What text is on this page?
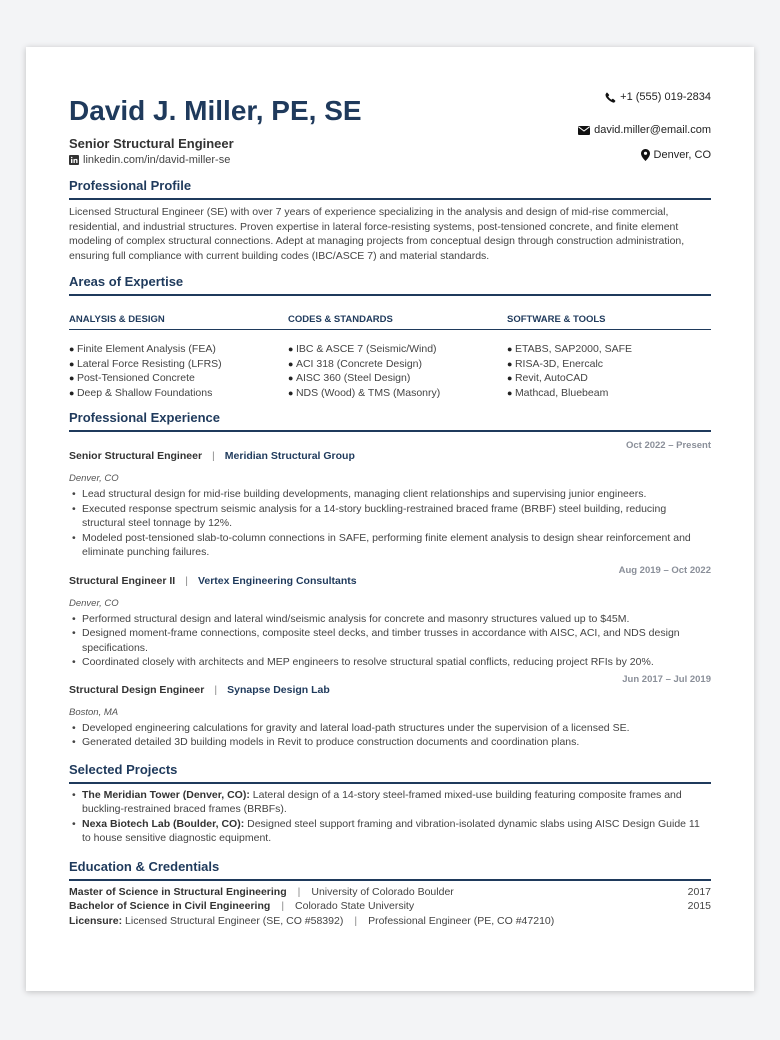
David J. Miller, PE, SE
Senior Structural Engineer
linkedin.com/in/david-miller-se
+1 (555) 019-2834
david.miller@email.com
Denver, CO
Professional Profile
Licensed Structural Engineer (SE) with over 7 years of experience specializing in the analysis and design of mid-rise commercial, residential, and industrial structures. Proven expertise in lateral force-resisting systems, post-tensioned concrete, and finite element modeling of complex structural connections. Adept at managing projects from conceptual design through construction administration, ensuring full compliance with current building codes (IBC/ASCE 7) and material standards.
Areas of Expertise
ANALYSIS & DESIGN
● Finite Element Analysis (FEA)
● Lateral Force Resisting (LFRS)
● Post-Tensioned Concrete
● Deep & Shallow Foundations
CODES & STANDARDS
● IBC & ASCE 7 (Seismic/Wind)
● ACI 318 (Concrete Design)
● AISC 360 (Steel Design)
● NDS (Wood) & TMS (Masonry)
SOFTWARE & TOOLS
● ETABS, SAP2000, SAFE
● RISA-3D, Enercalc
● Revit, AutoCAD
● Mathcad, Bluebeam
Professional Experience
Oct 2022 – Present
Senior Structural Engineer | Meridian Structural Group
Denver, CO
• Lead structural design for mid-rise building developments, managing client relationships and supervising junior engineers.
• Executed response spectrum seismic analysis for a 14-story buckling-restrained braced frame (BRBF) steel building, reducing structural steel tonnage by 12%.
• Modeled post-tensioned slab-to-column connections in SAFE, performing finite element analysis to design shear reinforcement and eliminate punching failures.
Aug 2019 – Oct 2022
Structural Engineer II | Vertex Engineering Consultants
Denver, CO
• Performed structural design and lateral wind/seismic analysis for concrete and masonry structures valued up to $45M.
• Designed moment-frame connections, composite steel decks, and timber trusses in accordance with AISC, ACI, and NDS design specifications.
• Coordinated closely with architects and MEP engineers to resolve structural spatial conflicts, reducing project RFIs by 20%.
Jun 2017 – Jul 2019
Structural Design Engineer | Synapse Design Lab
Boston, MA
• Developed engineering calculations for gravity and lateral load-path structures under the supervision of a licensed SE.
• Generated detailed 3D building models in Revit to produce construction documents and coordination plans.
Selected Projects
• The Meridian Tower (Denver, CO): Lateral design of a 14-story steel-framed mixed-use building featuring composite frames and buckling-restrained braced frames (BRBFs).
• Nexa Biotech Lab (Boulder, CO): Designed steel support framing and vibration-isolated dynamic slabs using AISC Design Guide 11 to house sensitive diagnostic equipment.
Education & Credentials
Master of Science in Structural Engineering | University of Colorado Boulder	2017
Bachelor of Science in Civil Engineering | Colorado State University	2015
Licensure: Licensed Structural Engineer (SE, CO #58392) | Professional Engineer (PE, CO #47210)
